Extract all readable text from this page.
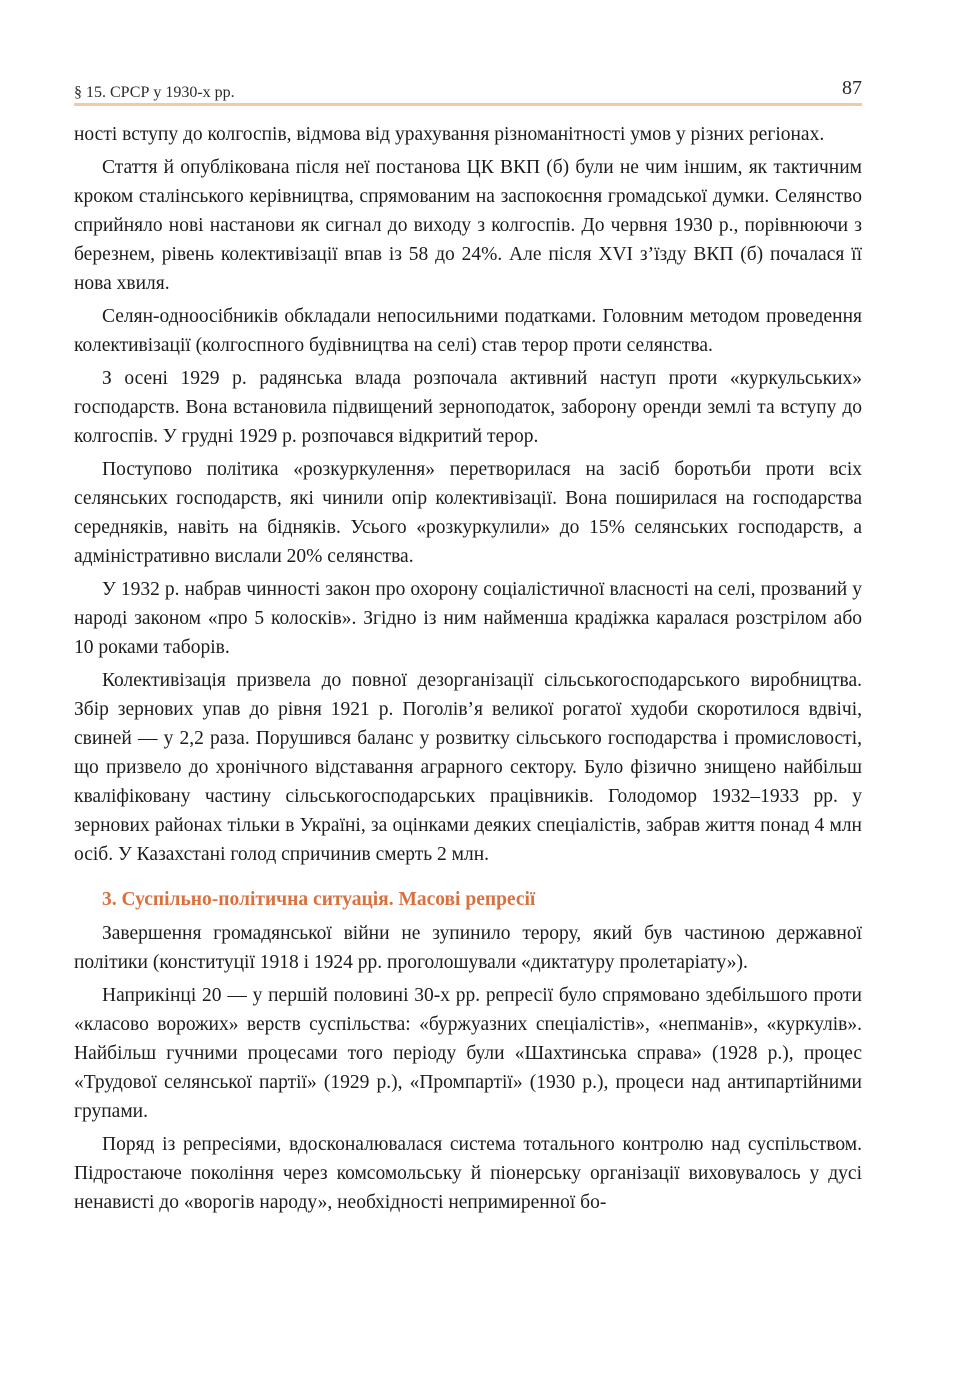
§ 15. СРСР у 1930-х рр.	87

ності вступу до колгоспів, відмова від урахування різноманітності умов у різних регіонах.

Стаття й опублікована після неї постанова ЦК ВКП (б) були не чим іншим, як тактичним кроком сталінського керівництва, спрямованим на заспокоєння громадської думки. Селянство сприйняло нові настанови як сигнал до виходу з колгоспів. До червня 1930 р., порівнюючи з березнем, рівень колективізації впав із 58 до 24%. Але після XVI з’їзду ВКП (б) почалася її нова хвиля.

Селян-одноосібників обкладали непосильними податками. Головним методом проведення колективізації (колгоспного будівництва на селі) став терор проти селянства.

З осені 1929 р. радянська влада розпочала активний наступ проти «куркульських» господарств. Вона встановила підвищений зернoподаток, заборону оренди землі та вступу до колгоспів. У грудні 1929 р. розпочався відкритий терор.

Поступово політика «розкуркулення» перетворилася на засіб боротьби проти всіх селянських господарств, які чинили опір колективізації. Вона поширилася на господарства середняків, навіть на бідняків. Усього «розкуркулили» до 15% селянських господарств, а адміністративно вислали 20% селянства.

У 1932 р. набрав чинності закон про охорону соціалістичної власності на селі, прозваний у народі законом «про 5 колосків». Згідно із ним найменша крадіжка каралася розстрілом або 10 роками таборів.

Колективізація призвела до повної дезорганізації сільськогосподарського виробництва. Збір зернових упав до рівня 1921 р. Поголів’я великої рогатої худоби скоротилося вдвічі, свиней — у 2,2 раза. Порушився баланс у розвитку сільського господарства і промисловості, що призвело до хронічного відставання аграрного сектору. Було фізично знищено найбільш кваліфіковану частину сільськогосподарських працівників. Голодомор 1932–1933 рр. у зернових районах тільки в Україні, за оцінками деяких спеціалістів, забрав життя понад 4 млн осіб. У Казахстані голод спричинив смерть 2 млн.

3. Суспільно-політична ситуація. Масові репресії

Завершення громадянської війни не зупинило терору, який був частиною державної політики (конституції 1918 і 1924 рр. проголошували «диктатуру пролетаріату»).

Наприкінці 20 — у першій половині 30-х рр. репресії було спрямовано здебільшого проти «класово ворожих» верств суспільства: «буржуазних спеціалістів», «непманів», «куркулів». Найбільш гучними процесами того періоду були «Шахтинська справа» (1928 р.), процес «Трудової селянської партії» (1929 р.), «Промпартії» (1930 р.), процеси над антипартійними групами.

Поряд із репресіями, вдосконалювалася система тотального контролю над суспільством. Підростаюче покоління через комсомольську й піонерську організації виховувалось у дусі ненависті до «ворогів народу», необхідності непримиренної бо-
